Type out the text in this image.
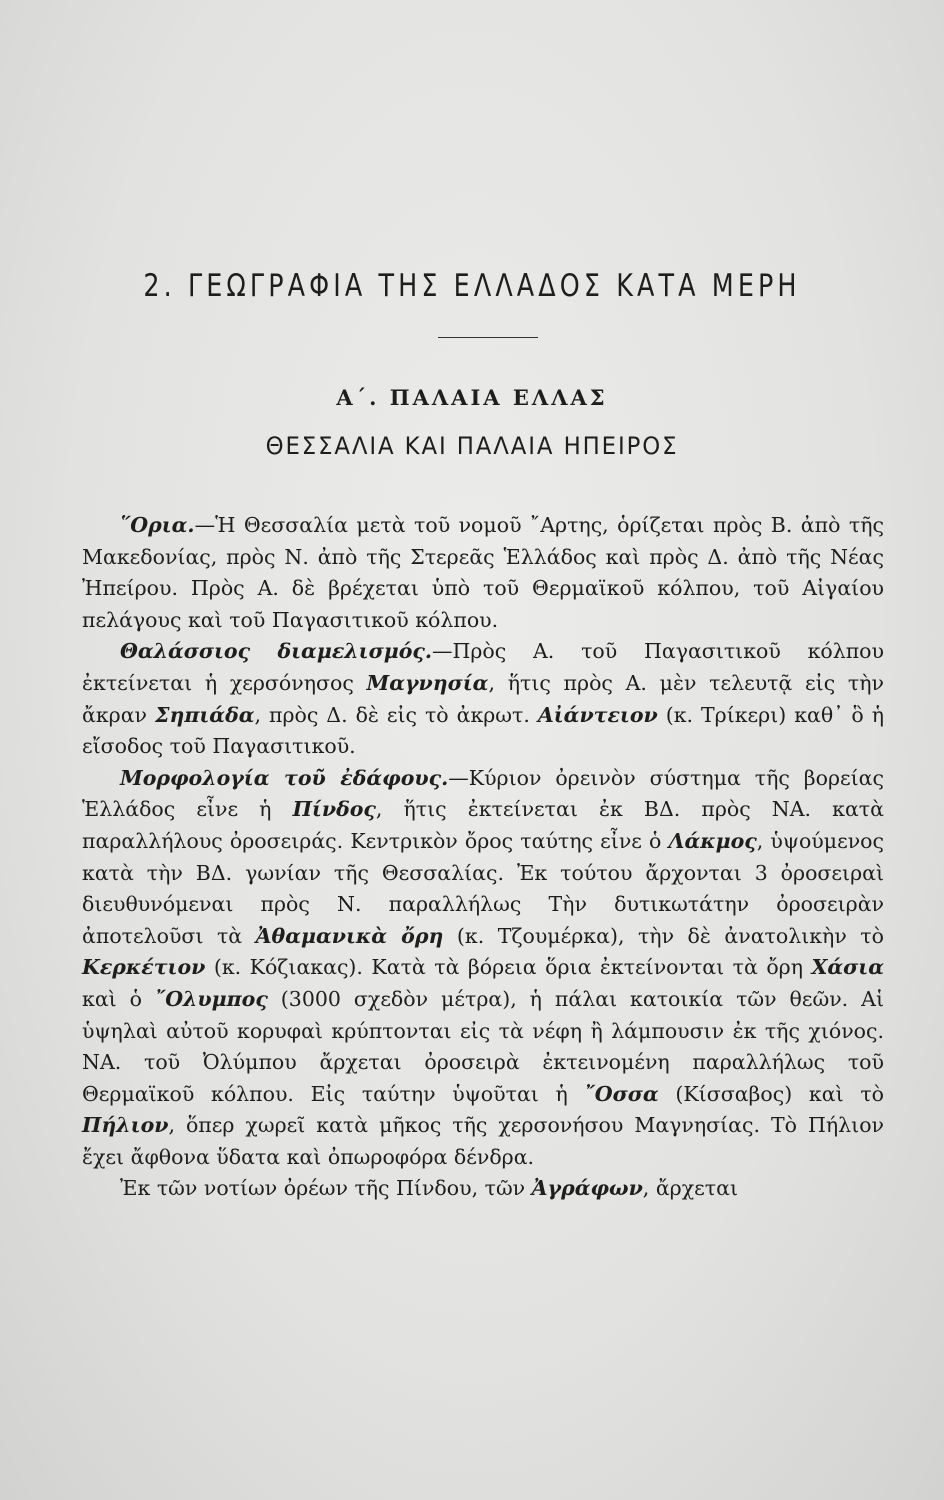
2. ΓΕΩΓΡΑΦΙΑ ΤΗΣ ΕΛΛΑΔΟΣ ΚΑΤΑ ΜΕΡΗ
Α΄. ΠΑΛΑΙΑ ΕΛΛΑΣ
ΘΕΣΣΑΛΙΑ ΚΑΙ ΠΑΛΑΙΑ ΗΠΕΙΡΟΣ

῞Ορια.—Ἡ Θεσσαλία μετὰ τοῦ νομοῦ ῎Αρτης, ὁρίζεται πρὸς Β. ἀπὸ τῆς Μακεδονίας, πρὸς Ν. ἀπὸ τῆς Στερεᾶς Ἑλλάδος καὶ πρὸς Δ. ἀπὸ τῆς Νέας Ἠπείρου. Πρὸς Α. δὲ βρέχεται ὑπὸ τοῦ Θερμαϊκοῦ κόλπου, τοῦ Αἰγαίου πελάγους καὶ τοῦ Παγασιτικοῦ κόλπου.

Θαλάσσιος διαμελισμός.—Πρὸς Α. τοῦ Παγασιτικοῦ κόλπου ἐκτείνεται ἡ χερσόνησος Μαγνησία, ἥτις πρὸς Α. μὲν τελευτᾷ εἰς τὴν ἄκραν Σηπιάδα, πρὸς Δ. δὲ εἰς τὸ ἀκρωτ. Αἰάντειον (κ. Τρίκερι) καθ᾽ ὃ ἡ εἴσοδος τοῦ Παγασιτικοῦ.

Μορφολογία τοῦ ἐδάφους.—Κύριον ὀρεινὸν σύστημα τῆς βορείας Ἑλλάδος εἶνε ἡ Πίνδος, ἥτις ἐκτείνεται ἐκ ΒΔ. πρὸς ΝΑ. κατὰ παραλλήλους ὀροσειράς. Κεντρικὸν ὄρος ταύτης εἶνε ὁ Λάκμος, ὑψούμενος κατὰ τὴν ΒΔ. γωνίαν τῆς Θεσσαλίας. Ἐκ τούτου ἄρχονται 3 ὀροσειραὶ διευθυνόμεναι πρὸς Ν. παραλλήλως Τὴν δυτικωτάτην ὀροσειρὰν ἀποτελοῦσι τὰ Ἀθαμανικὰ ὄρη (κ. Τζουμέρκα), τὴν δὲ ἀνατολικὴν τὸ Κερκέτιον (κ. Κόζιακας). Κατὰ τὰ βόρεια ὅρια ἐκτείνονται τὰ ὄρη Χάσια καὶ ὁ ῎Ολυμπος (3000 σχεδὸν μέτρα), ἡ πάλαι κατοικία τῶν θεῶν. Αἱ ὑψηλαὶ αὐτοῦ κορυφαὶ κρύπτονται εἰς τὰ νέφη ἢ λάμπουσιν ἐκ τῆς χιόνος. ΝΑ. τοῦ Ὀλύμπου ἄρχεται ὀροσειρὰ ἐκτεινομένη παραλλήλως τοῦ Θερμαϊκοῦ κόλπου. Εἰς ταύτην ὑψοῦται ἡ ῎Οσσα (Κίσσαβος) καὶ τὸ Πήλιον, ὅπερ χωρεῖ κατὰ μῆκος τῆς χερσονήσου Μαγνησίας. Τὸ Πήλιον ἔχει ἄφθονα ὕδατα καὶ ὀπωροφόρα δένδρα.

Ἐκ τῶν νοτίων ὀρέων τῆς Πίνδου, τῶν Ἀγράφων, ἄρχεται
